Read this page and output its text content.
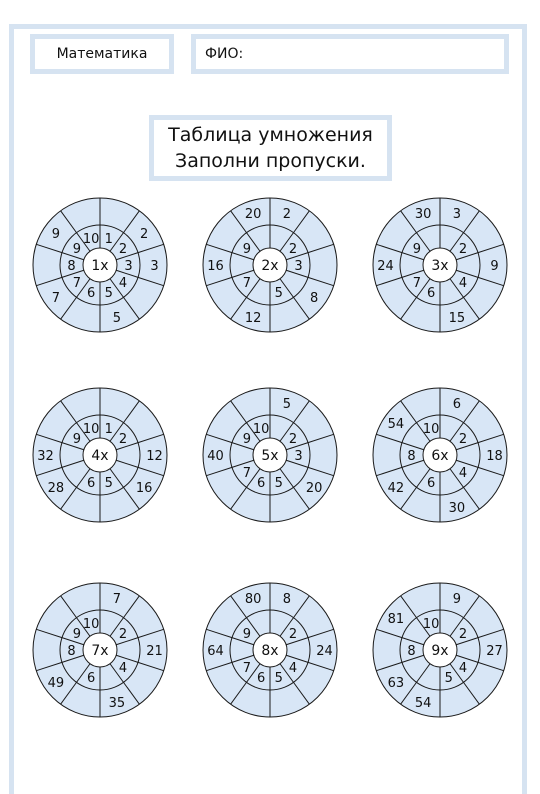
Математика	ФИО:
Таблица умножения
Заполни пропуски.
1x
1
2
3
4
5
6
7
8
9
10	2
3
5
7
9
2x
2
3
5
7
9
2
8
12
16
20
3x
2
4
6
7
9
3
9
15
24
30
4x
1
2
5
6
9
10
12
16
28
32	5x
2
3
5
6
7
9
10
5
20
40	6x
2
4
6
8
10
6
18
30
42
54
7x
2
4
6
8
9
10
7
21
35
49
8x
2
4
5
6
7
9
8
24
64
80
9x
2
4
5
8
10
9
27
54
63
81
